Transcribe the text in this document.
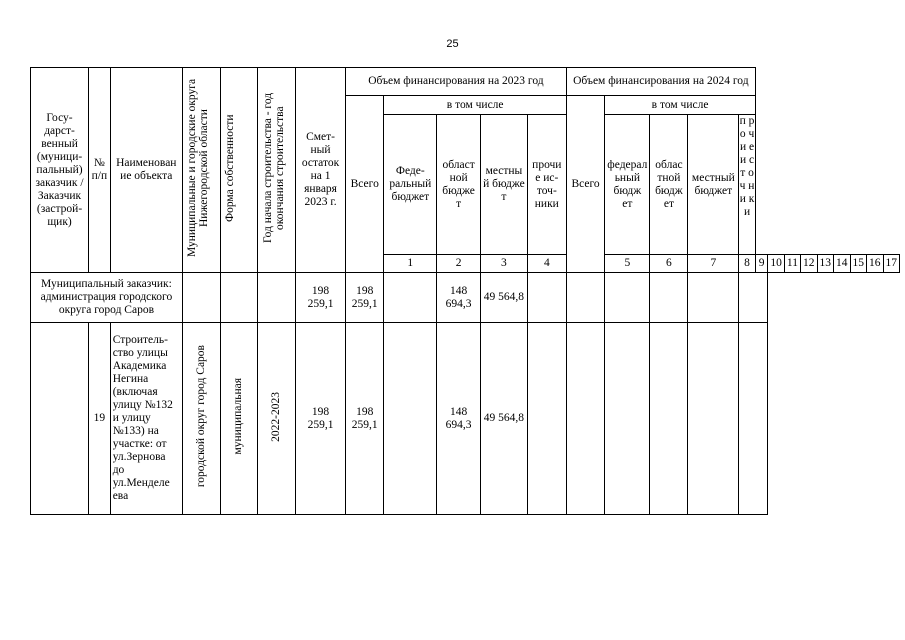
25
Госу-дарст-венный (муници-пальный) заказчик / Заказчик (застрой-щик)	№ п/п	Наименован ие объекта	Муниципальные и городские округа Нижегородской области	Форма собственности	Год начала строительства - год окончания строительства	Смет-ный остаток на 1 января 2023 г.	Объем финансирования на 2023 год					Объем финансирования на 2024 год														
							Всего	в том числе				Всего	в том числе													
								Феде-ральный бюджет	област ной бюдже т	местны й бюдже т	прочи е ис-точ-ники		федерал ьный бюдж ет	облас тной бюдж ет	местный бюджет	п р о ч и е и с т о ч н и к и										
								1	2	3	4		5	6	7	8	9	10	11	12	13	14	15	16	17	
Муниципальный заказчик: администрация городского округа город Саров						198 259,1	198 259,1		148 694,3	49 564,8																
	19	Строитель-ство улицы Академика Негина (включая улицу №132 и улицу №133) на участке: от ул.Зернова до ул.Менделе ева	городской округ город Саров	муниципальная	2022-2023	198 259,1	198 259,1		148 694,3	49 564,8																
